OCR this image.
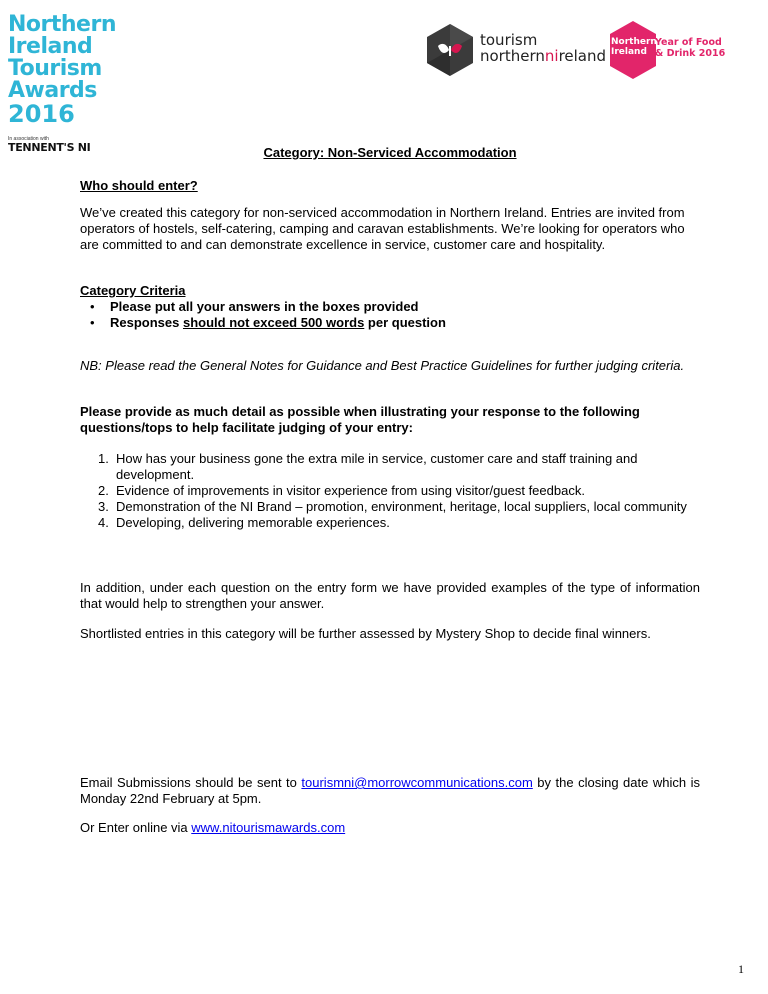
Northern Ireland
Tourism Awards
2016
In association with
TENNENT'S NI
tourism
northernnireland
Northern
Ireland
Year of Food
& Drink 2016
Category: Non-Serviced Accommodation
Who should enter?
We’ve created this category for non-serviced accommodation in Northern Ireland. Entries are invited from operators of hostels, self-catering, camping and caravan establishments. We’re looking for operators who are committed to and can demonstrate excellence in service, customer care and hospitality.
Category Criteria
• Please put all your answers in the boxes provided
• Responses should not exceed 500 words per question
NB: Please read the General Notes for Guidance and Best Practice Guidelines for further judging criteria.
Please provide as much detail as possible when illustrating your response to the following questions/tops to help facilitate judging of your entry:
1. How has your business gone the extra mile in service, customer care and staff training and development.
2. Evidence of improvements in visitor experience from using visitor/guest feedback.
3. Demonstration of the NI Brand – promotion, environment, heritage, local suppliers, local community
4. Developing, delivering memorable experiences.
In addition, under each question on the entry form we have provided examples of the type of information that would help to strengthen your answer.
Shortlisted entries in this category will be further assessed by Mystery Shop to decide final winners.
Email Submissions should be sent to tourismni@morrowcommunications.com by the closing date which is Monday 22nd February at 5pm.
Or Enter online via www.nitourismawards.com
1
